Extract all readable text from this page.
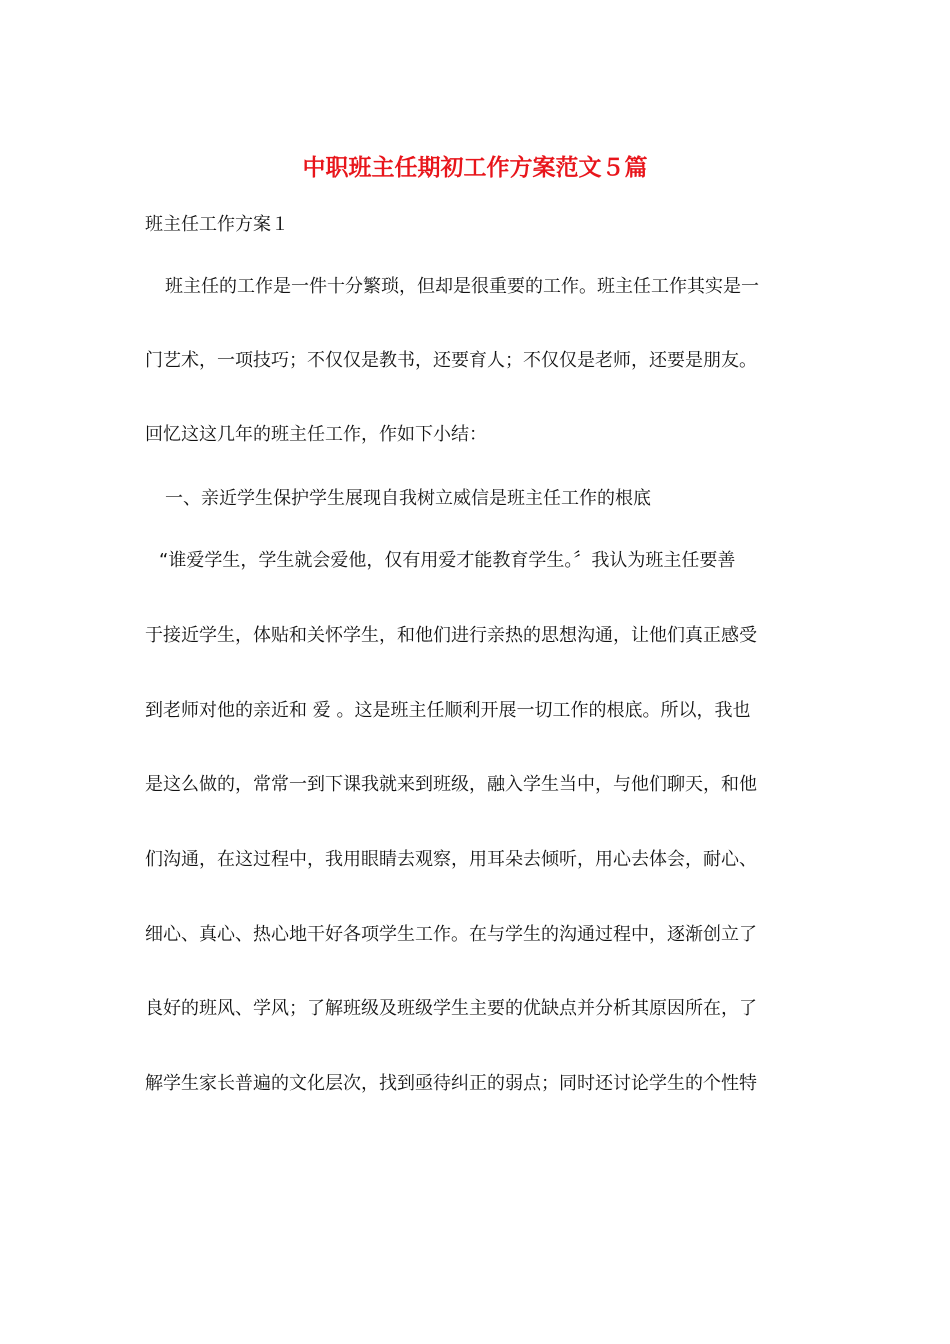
中职班主任期初工作方案范文５篇

班主任工作方案１

班主任的工作是一件十分繁琐，但却是很重要的工作。班主任工作其实是一

门艺术，一项技巧；不仅仅是教书，还要育人；不仅仅是老师，还要是朋友。

回忆这这几年的班主任工作，作如下小结：

一、亲近学生保护学生展现自我树立威信是班主任工作的根底

“谁爱学生，学生就会爱他，仅有用爱才能教育学生。〞我认为班主任要善

于接近学生，体贴和关怀学生，和他们进行亲热的思想沟通，让他们真正感受

到老师对他的亲近和 爱 。这是班主任顺利开展一切工作的根底。所以，我也

是这么做的，常常一到下课我就来到班级，融入学生当中，与他们聊天，和他

们沟通，在这过程中，我用眼睛去观察，用耳朵去倾听，用心去体会，耐心、

细心、真心、热心地干好各项学生工作。在与学生的沟通过程中，逐渐创立了

良好的班风、学风；了解班级及班级学生主要的优缺点并分析其原因所在，了

解学生家长普遍的文化层次，找到亟待纠正的弱点；同时还讨论学生的个性特
